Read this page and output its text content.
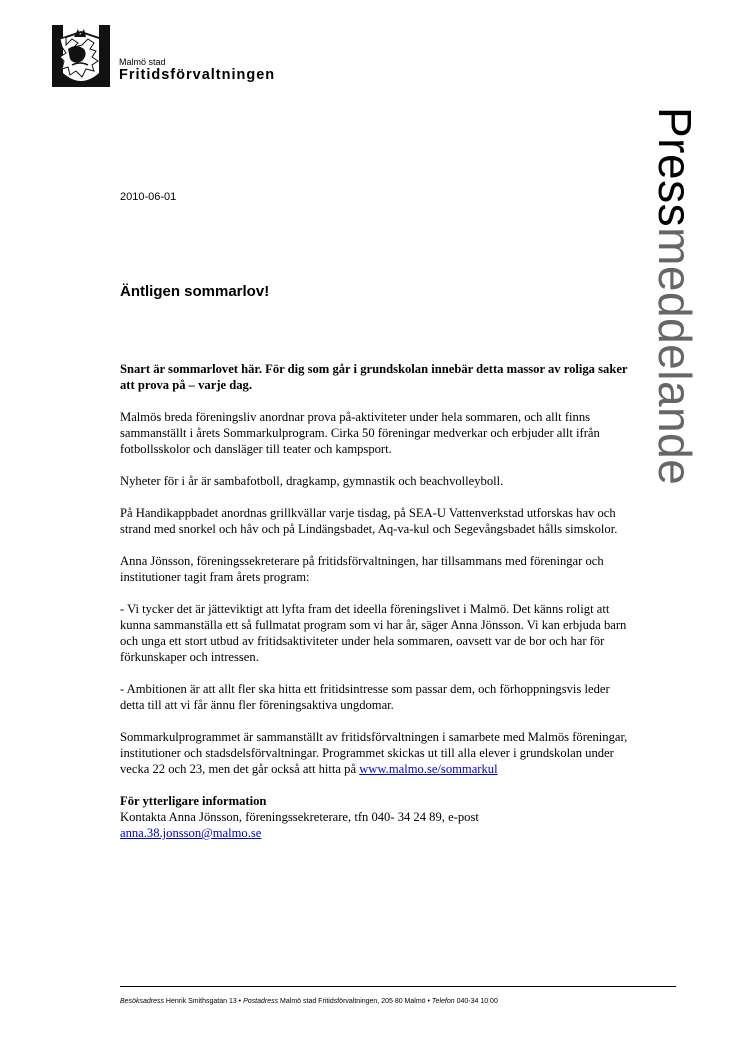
Malmö stad
Fritidsförvaltningen
Pressmeddelande
2010-06-01
Äntligen sommarlov!

Snart är sommarlovet här. För dig som går i grundskolan innebär detta massor av roliga saker att prova på – varje dag.

Malmös breda föreningsliv anordnar prova på-aktiviteter under hela sommaren, och allt finns sammanställt i årets Sommarkulprogram. Cirka 50 föreningar medverkar och erbjuder allt ifrån fotbollsskolor och dansläger till teater och kampsport.

Nyheter för i år är sambafotboll, dragkamp, gymnastik och beachvolleyboll.

På Handikappbadet anordnas grillkvällar varje tisdag, på SEA-U Vattenverkstad utforskas hav och strand med snorkel och håv och på Lindängsbadet, Aq-va-kul och Segevångsbadet hålls simskolor.

Anna Jönsson, föreningssekreterare på fritidsförvaltningen, har tillsammans med föreningar och institutioner tagit fram årets program:

- Vi tycker det är jätteviktigt att lyfta fram det ideella föreningslivet i Malmö. Det känns roligt att kunna sammanställa ett så fullmatat program som vi har år, säger Anna Jönsson. Vi kan erbjuda barn och unga ett stort utbud av fritidsaktiviteter under hela sommaren, oavsett var de bor och har för förkunskaper och intressen.

- Ambitionen är att allt fler ska hitta ett fritidsintresse som passar dem, och förhoppningsvis leder detta till att vi får ännu fler föreningsaktiva ungdomar.

Sommarkulprogrammet är sammanställt av fritidsförvaltningen i samarbete med Malmös föreningar, institutioner och stadsdelsförvaltningar. Programmet skickas ut till alla elever i grundskolan under vecka 22 och 23, men det går också att hitta på www.malmo.se/sommarkul

För ytterligare information
Kontakta Anna Jönsson, föreningssekreterare, tfn 040- 34 24 89, e-post
anna.38.jonsson@malmo.se
Besöksadress Henrik Smithsgatan 13 • Postadress Malmö stad Fritidsförvaltningen, 205 80 Malmö • Telefon 040-34 10 00
